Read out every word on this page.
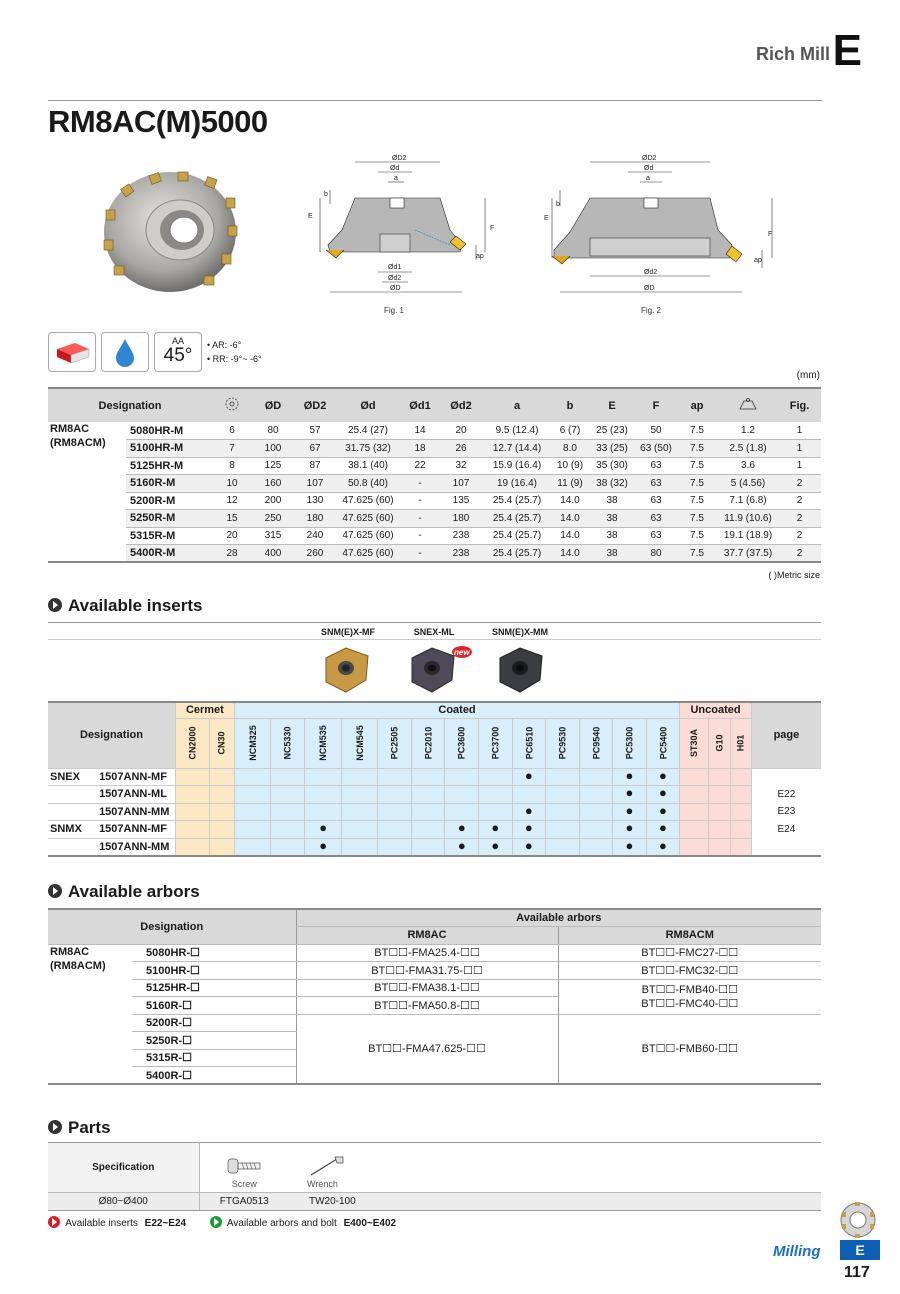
Rich Mill E
RM8AC(M)5000
ØD2
Ød
a
b
E
F
ap
Ød1
Ød2
ØD
Fig. 1
ØD2
Ød
a
b
E
F
ap
Ød2
ØD
Fig. 2
AA
45°	• AR: -6°
• RR: -9°~ -6°
(mm)
Designation			ØD	ØD2	Ød	Ød1	Ød2	a	b	E	F	ap		Fig.
RM8AC
(RM8ACM)	5080HR-M	6	80	57	25.4 (27)	14	20	9.5 (12.4)	6 (7)	25 (23)	50	7.5	1.2	1
	5100HR-M	7	100	67	31.75 (32)	18	26	12.7 (14.4)	8.0	33 (25)	63 (50)	7.5	2.5 (1.8)	1
	5125HR-M	8	125	87	38.1 (40)	22	32	15.9 (16.4)	10 (9)	35 (30)	63	7.5	3.6	1
	5160R-M	10	160	107	50.8 (40)	-	107	19 (16.4)	11 (9)	38 (32)	63	7.5	5 (4.56)	2
	5200R-M	12	200	130	47.625 (60)	-	135	25.4 (25.7)	14.0	38	63	7.5	7.1 (6.8)	2
	5250R-M	15	250	180	47.625 (60)	-	180	25.4 (25.7)	14.0	38	63	7.5	11.9 (10.6)	2
	5315R-M	20	315	240	47.625 (60)	-	238	25.4 (25.7)	14.0	38	63	7.5	19.1 (18.9)	2
	5400R-M	28	400	260	47.625 (60)	-	238	25.4 (25.7)	14.0	38	80	7.5	37.7 (37.5)	2
( )Metric size
Available inserts
SNM(E)X-MF	SNEX-ML	SNM(E)X-MM
new
Designation		Cermet		Coated													Uncoated			page
		CN2000	CN30	NCM325	NC5330	NCM535	NCM545	PC2505	PC2010	PC3600	PC3700	PC6510	PC9530	PC9540	PC5300	PC5400	ST30A	G10	H01	
SNEX	1507ANN-MF											●			●	●				
	1507ANN-ML														●	●				E22
	1507ANN-MM											●			●	●				E23
SNMX	1507ANN-MF					●				●	●	●			●	●				E24
	1507ANN-MM					●				●	●	●			●	●				
Available arbors
Designation		Available arbors	
		RM8AC	RM8ACM
RM8AC
(RM8ACM)	5080HR-☐	BT☐☐-FMA25.4-☐☐	BT☐☐-FMC27-☐☐
	5100HR-☐	BT☐☐-FMA31.75-☐☐	BT☐☐-FMC32-☐☐
	5125HR-☐	BT☐☐-FMA38.1-☐☐	BT☐☐-FMB40-☐☐
BT☐☐-FMC40-☐☐
	5160R-☐	BT☐☐-FMA50.8-☐☐	
	5200R-☐	BT☐☐-FMA47.625-☐☐	BT☐☐-FMB60-☐☐
	5250R-☐		
	5315R-☐		
	5400R-☐		
Parts
Specification	Screw	Wrench
Ø80~Ø400	FTGA0513	TW20-100
Available inserts E22~E24	Available arbors and bolt E400~E402
Milling	E
117
